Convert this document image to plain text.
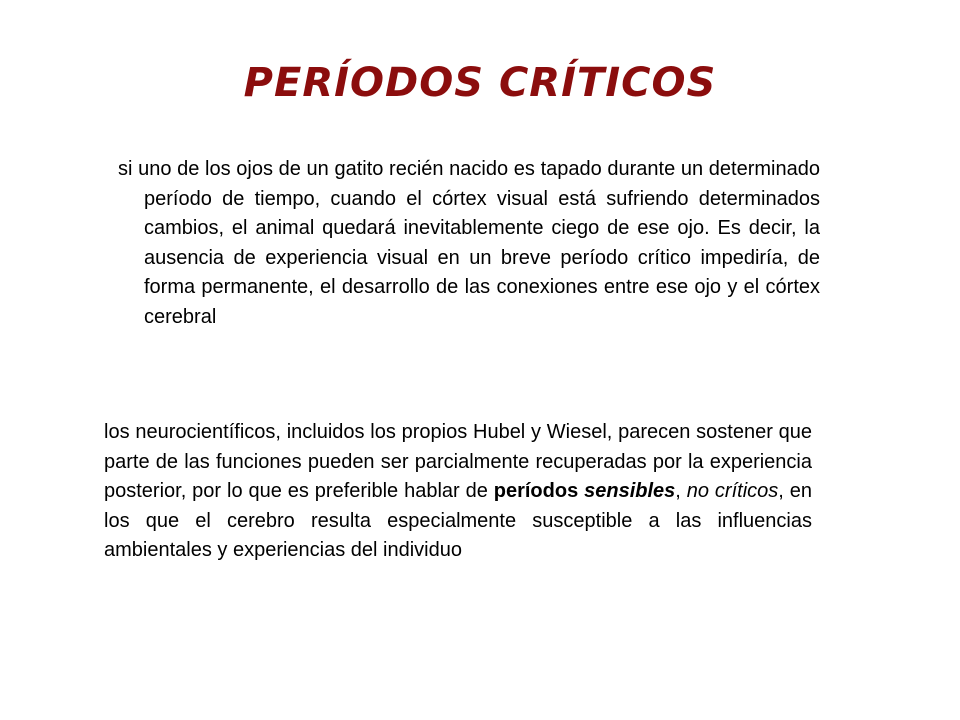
PERÍODOS CRÍTICOS

si uno de los ojos de un gatito recién nacido es tapado durante un determinado período de tiempo, cuando el córtex visual está sufriendo determinados cambios, el animal quedará inevitablemente ciego de ese ojo. Es decir, la ausencia de experiencia visual en un breve período crítico impediría, de forma permanente, el desarrollo de las conexiones entre ese ojo y el córtex cerebral

los neurocientíficos, incluidos los propios Hubel y Wiesel, parecen sostener que parte de las funciones pueden ser parcialmente recuperadas por la experiencia posterior, por lo que es preferible hablar de períodos sensibles, no críticos, en los que el cerebro resulta especialmente susceptible a las influencias ambientales y experiencias del individuo
